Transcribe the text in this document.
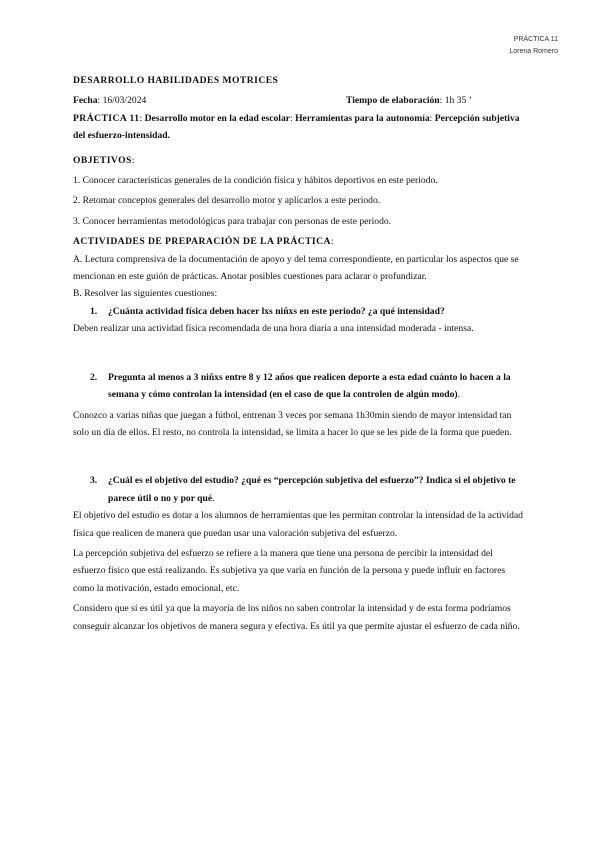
PRÁCTICA 11
Lorena Romero

DESARROLLO HABILIDADES MOTRICES

Fecha: 16/03/2024	Tiempo de elaboración: 1h 35 ’

PRÁCTICA 11: Desarrollo motor en la edad escolar: Herramientas para la autonomía: Percepción subjetiva del esfuerzo-intensidad.

OBJETIVOS:

1. Conocer características generales de la condición física y hábitos deportivos en este periodo.

2. Retomar conceptos generales del desarrollo motor y aplicarlos a este periodo.

3. Conocer herramientas metodológicas para trabajar con personas de este periodo.

ACTIVIDADES DE PREPARACIÓN DE LA PRÁCTICA:

A. Lectura comprensiva de la documentación de apoyo y del tema correspondiente, en particular los aspectos que se mencionan en este guión de prácticas. Anotar posibles cuestiones para aclarar o profundizar.

B. Resolver las siguientes cuestiones:

1.	¿Cuánta actividad física deben hacer lxs niñxs en este periodo? ¿a qué intensidad?

Deben realizar una actividad física recomendada de una hora diaria a una intensidad moderada - intensa.

2.	Pregunta al menos a 3 niñxs entre 8 y 12 años que realicen deporte a esta edad cuánto lo hacen a la semana y cómo controlan la intensidad (en el caso de que la controlen de algún modo).

Conozco a varias niñas que juegan a fútbol, entrenan 3 veces por semana 1h30min siendo de mayor intensidad tan solo un día de ellos. El resto, no controla la intensidad, se limita a hacer lo que se les pide de la forma que pueden.

3.	¿Cuál es el objetivo del estudio? ¿qué es “percepción subjetiva del esfuerzo”? Indica si el objetivo te parece útil o no y por qué.

El objetivo del estudio es dotar a los alumnos de herramientas que les permitan controlar la intensidad de la actividad física que realicen de manera que puedan usar una valoración subjetiva del esfuerzo.

La percepción subjetiva del esfuerzo se refiere a la manera que tiene una persona de percibir la intensidad del esfuerzo físico que está realizando. Es subjetiva ya que varía en función de la persona y puede influir en factores como la motivación, estado emocional, etc.

Considero que sí es útil ya que la mayoría de los niños no saben controlar la intensidad y de esta forma podríamos conseguir alcanzar los objetivos de manera segura y efectiva. Es útil ya que permite ajustar el esfuerzo de cada niño.
